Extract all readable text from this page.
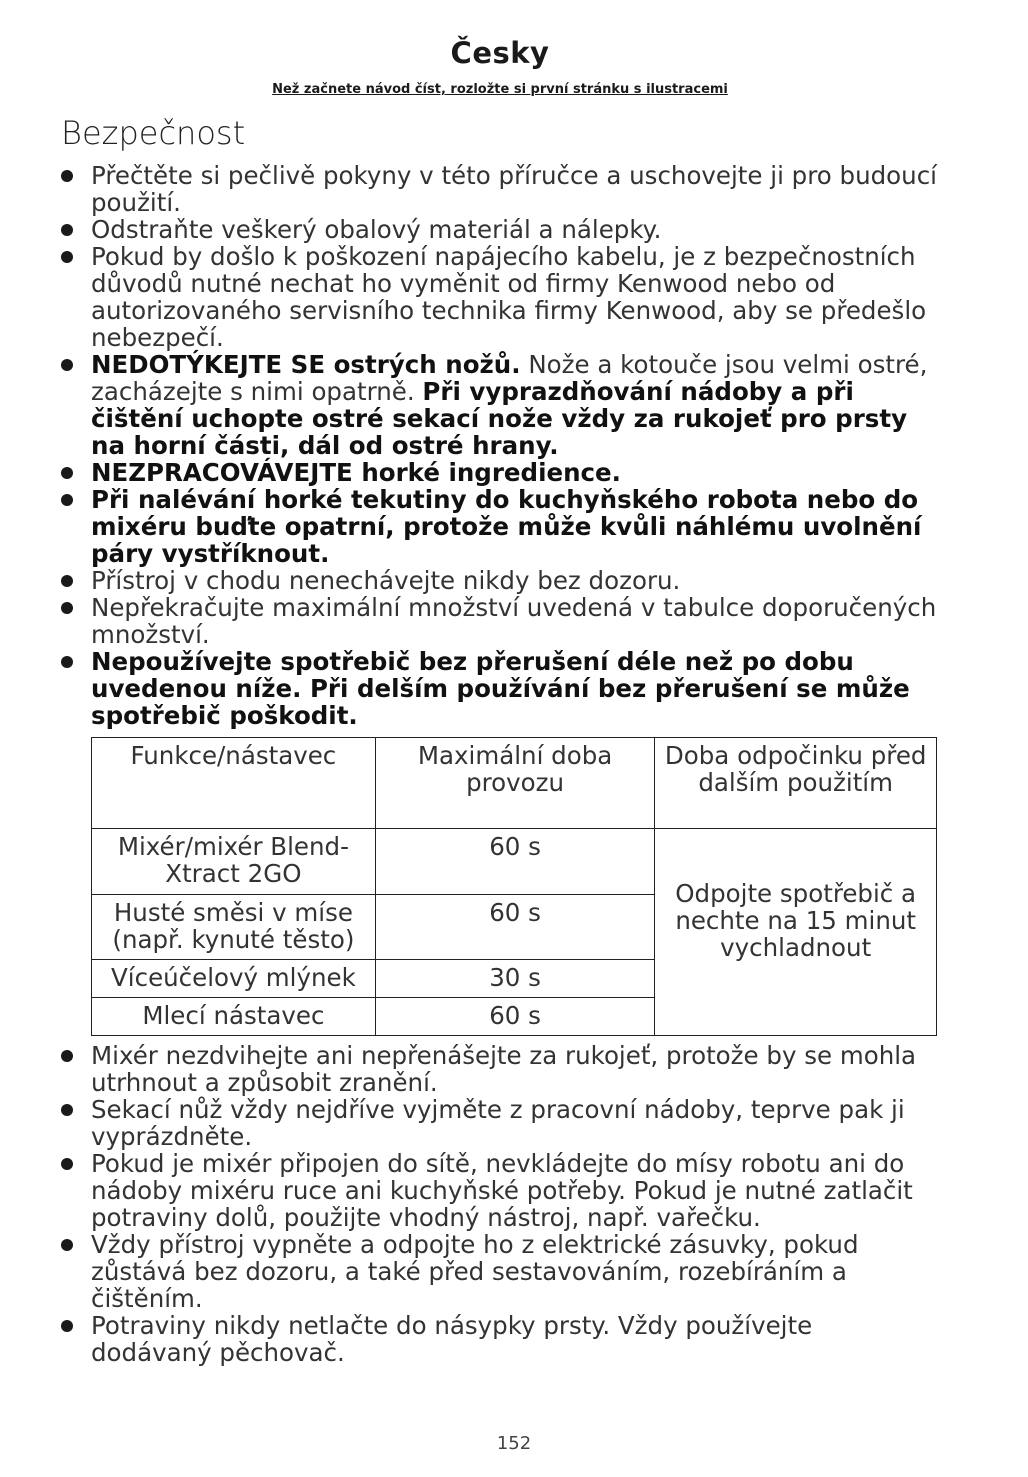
Česky
Než začnete návod číst, rozložte si první stránku s ilustracemi
Bezpečnost
Přečtěte si pečlivě pokyny v této příručce a uschovejte ji pro budoucí použití.
Odstraňte veškerý obalový materiál a nálepky.
Pokud by došlo k poškození napájecího kabelu, je z bezpečnostních důvodů nutné nechat ho vyměnit od firmy Kenwood nebo od autorizovaného servisního technika firmy Kenwood, aby se předešlo nebezpečí.
NEDOTÝKEJTE SE ostrých nožů. Nože a kotouče jsou velmi ostré, zacházejte s nimi opatrně. Při vyprazdňování nádoby a při čištění uchopte ostré sekací nože vždy za rukojeť pro prsty na horní části, dál od ostré hrany.
NEZPRACOVÁVEJTE horké ingredience.
Při nalévání horké tekutiny do kuchyňského robota nebo do mixéru buďte opatrní, protože může kvůli náhlému uvolnění páry vystříknout.
Přístroj v chodu nenechávejte nikdy bez dozoru.
Nepřekračujte maximální množství uvedená v tabulce doporučených množství.
Nepoužívejte spotřebič bez přerušení déle než po dobu uvedenou níže. Při delším používání bez přerušení se může spotřebič poškodit.
Funkce/nástavec	Maximální doba provozu	Doba odpočinku před dalším použitím
Mixér/mixér Blend-Xtract 2GO	60 s	Odpojte spotřebič a nechte na 15 minut vychladnout
Husté směsi v míse (např. kynuté těsto)	60 s	
Víceúčelový mlýnek	30 s	
Mlecí nástavec	60 s	
Mixér nezdvihejte ani nepřenášejte za rukojeť, protože by se mohla utrhnout a způsobit zranění.
Sekací nůž vždy nejdříve vyjměte z pracovní nádoby, teprve pak ji vyprázdněte.
Pokud je mixér připojen do sítě, nevkládejte do mísy robotu ani do nádoby mixéru ruce ani kuchyňské potřeby. Pokud je nutné zatlačit potraviny dolů, použijte vhodný nástroj, např. vařečku.
Vždy přístroj vypněte a odpojte ho z elektrické zásuvky, pokud zůstává bez dozoru, a také před sestavováním, rozebíráním a čištěním.
Potraviny nikdy netlačte do násypky prsty. Vždy používejte dodávaný pěchovač.
152
